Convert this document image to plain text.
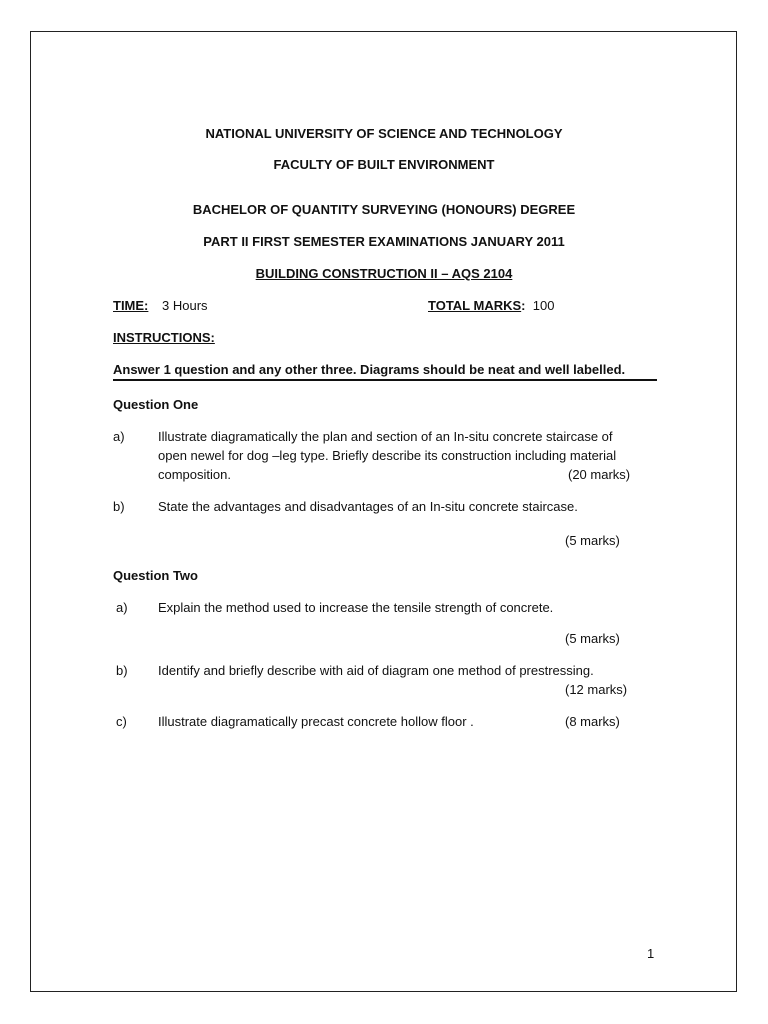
NATIONAL UNIVERSITY OF SCIENCE AND TECHNOLOGY
FACULTY OF BUILT ENVIRONMENT
BACHELOR OF QUANTITY SURVEYING (HONOURS) DEGREE
PART II FIRST SEMESTER EXAMINATIONS JANUARY 2011
BUILDING CONSTRUCTION II – AQS 2104
TIME: 3 Hours	TOTAL MARKS: 100
INSTRUCTIONS:
Answer 1 question and any other three. Diagrams should be neat and well labelled.
Question One
a)	Illustrate diagramatically the plan and section of an In-situ concrete staircase of
open newel for dog –leg type. Briefly describe its construction including material
composition.	(20 marks)
b)	State the advantages and disadvantages of an In-situ concrete staircase.
(5 marks)
Question Two
a) Explain the method used to increase the tensile strength of concrete.
(5 marks)
b) Identify and briefly describe with aid of diagram one method of prestressing.
(12 marks)
c) Illustrate diagramatically precast concrete hollow floor .	(8 marks)
1
